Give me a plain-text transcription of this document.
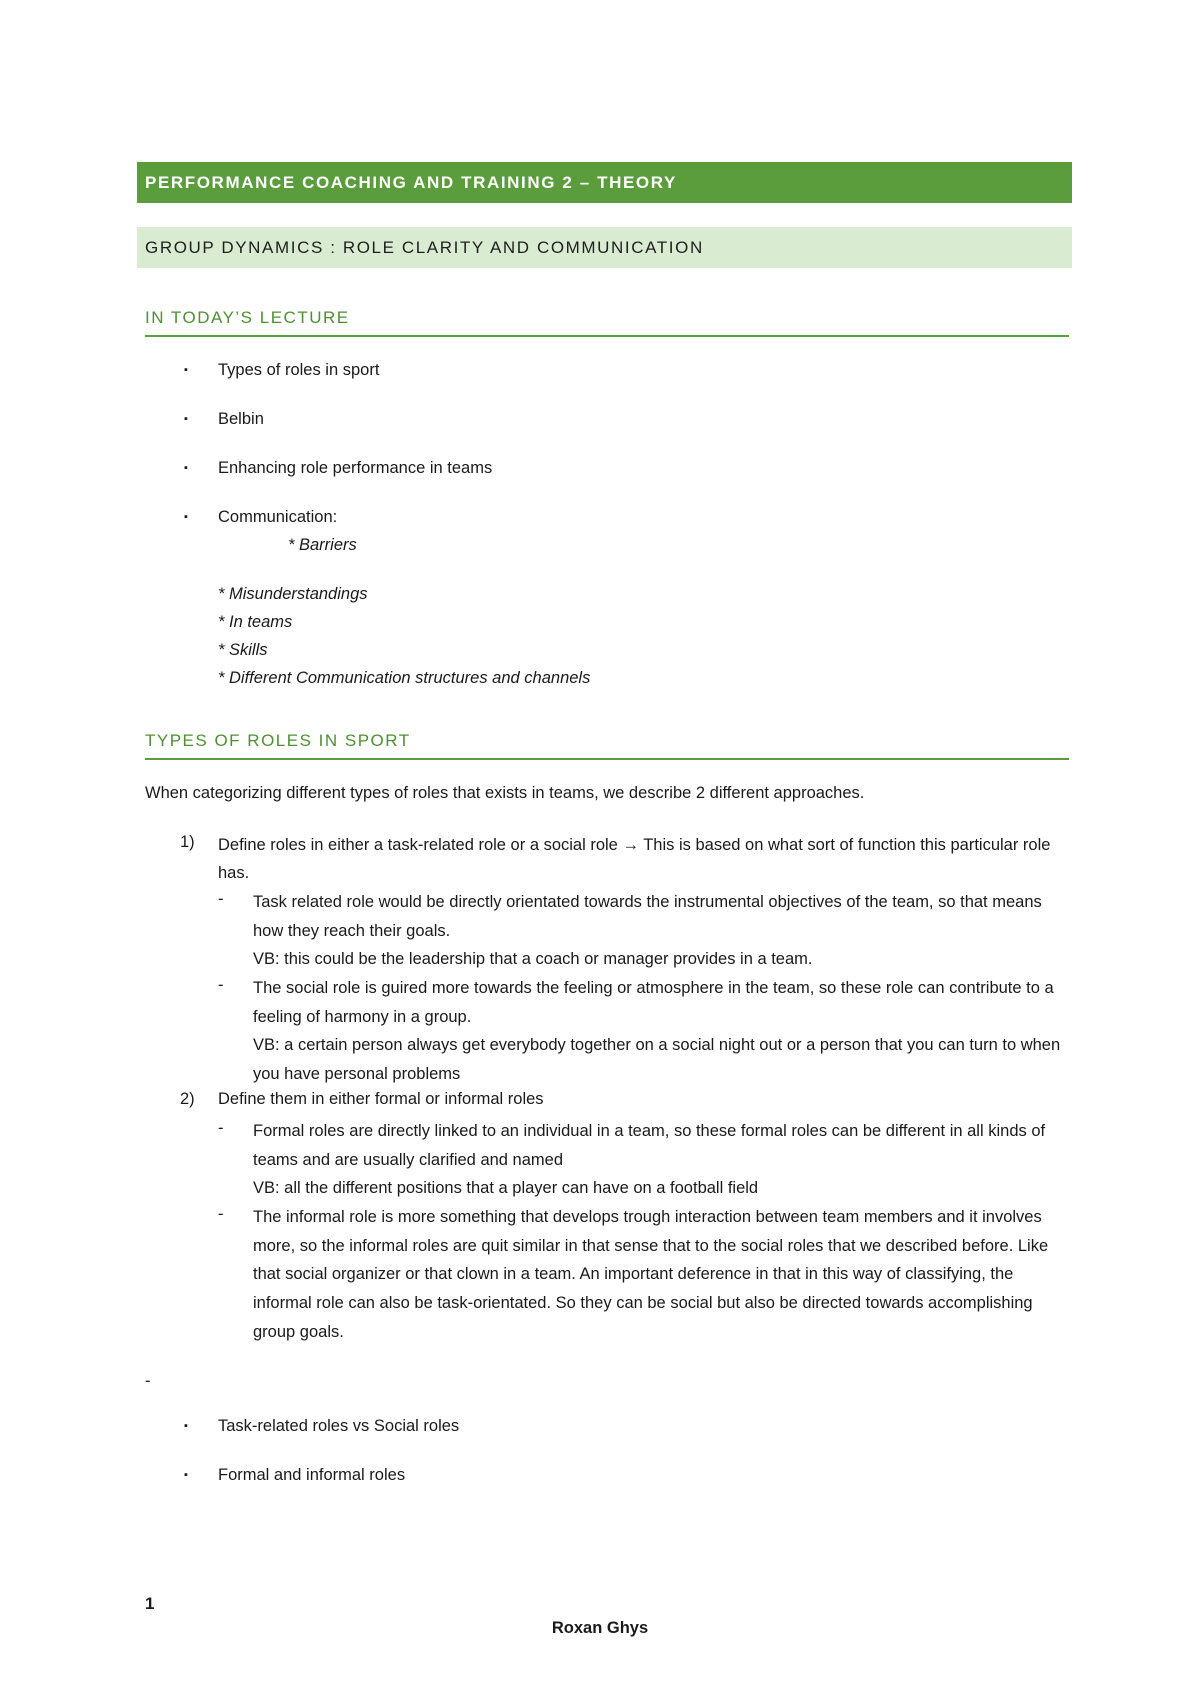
PERFORMANCE COACHING AND TRAINING 2 – THEORY
GROUP DYNAMICS : ROLE CLARITY AND COMMUNICATION
IN TODAY’S LECTURE
▪ Types of roles in sport
▪ Belbin
▪ Enhancing role performance in teams
▪ Communication:
* Barriers
* Misunderstandings
* In teams
* Skills
* Different Communication structures and channels
TYPES OF ROLES IN SPORT
When categorizing different types of roles that exists in teams, we describe 2 different approaches.
1) Define roles in either a task-related role or a social role → This is based on what sort of function this particular role has.
- Task related role would be directly orientated towards the instrumental objectives of the team, so that means how they reach their goals.
VB: this could be the leadership that a coach or manager provides in a team.
- The social role is guired more towards the feeling or atmosphere in the team, so these role can contribute to a feeling of harmony in a group.
VB: a certain person always get everybody together on a social night out or a person that you can turn to when you have personal problems
2) Define them in either formal or informal roles
- Formal roles are directly linked to an individual in a team, so these formal roles can be different in all kinds of teams and are usually clarified and named
VB: all the different positions that a player can have on a football field
- The informal role is more something that develops trough interaction between team members and it involves more, so the informal roles are quit similar in that sense that to the social roles that we described before. Like that social organizer or that clown in a team. An important deference in that in this way of classifying, the informal role can also be task-orientated. So they can be social but also be directed towards accomplishing group goals.
-
▪ Task-related roles vs Social roles
▪ Formal and informal roles
1
Roxan Ghys
